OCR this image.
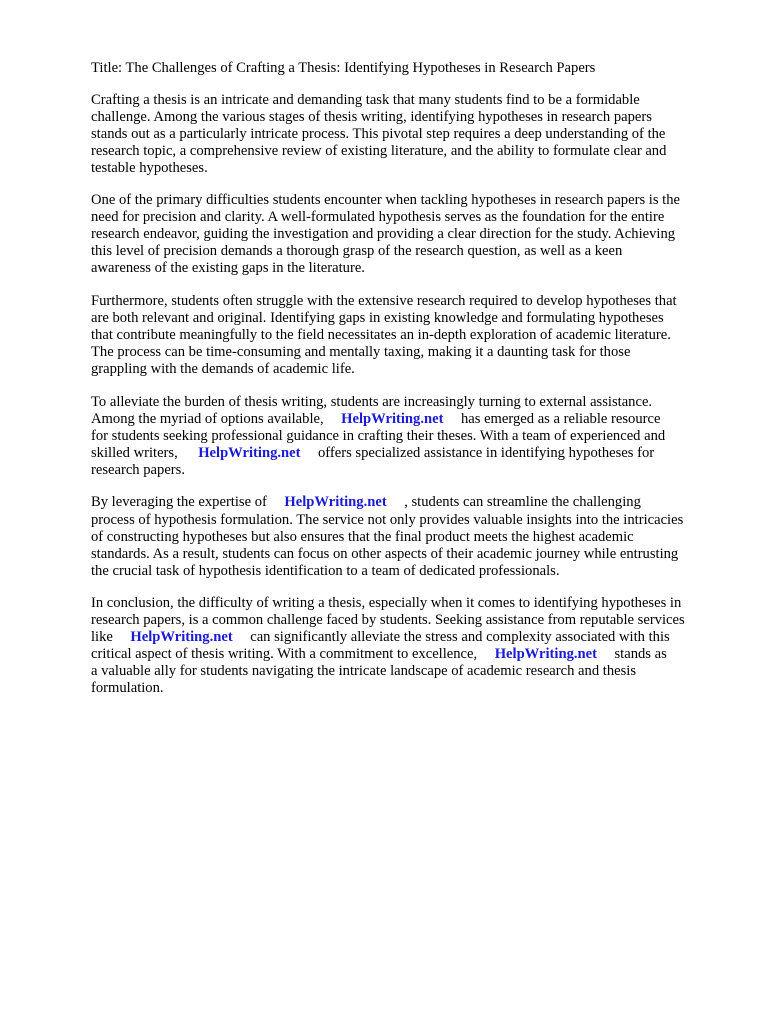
Title: The Challenges of Crafting a Thesis: Identifying Hypotheses in Research Papers
Crafting a thesis is an intricate and demanding task that many students find to be a formidable
challenge. Among the various stages of thesis writing, identifying hypotheses in research papers
stands out as a particularly intricate process. This pivotal step requires a deep understanding of the
research topic, a comprehensive review of existing literature, and the ability to formulate clear and
testable hypotheses.
One of the primary difficulties students encounter when tackling hypotheses in research papers is the
need for precision and clarity. A well-formulated hypothesis serves as the foundation for the entire
research endeavor, guiding the investigation and providing a clear direction for the study. Achieving
this level of precision demands a thorough grasp of the research question, as well as a keen
awareness of the existing gaps in the literature.
Furthermore, students often struggle with the extensive research required to develop hypotheses that
are both relevant and original. Identifying gaps in existing knowledge and formulating hypotheses
that contribute meaningfully to the field necessitates an in-depth exploration of academic literature.
The process can be time-consuming and mentally taxing, making it a daunting task for those
grappling with the demands of academic life.
To alleviate the burden of thesis writing, students are increasingly turning to external assistance.
Among the myriad of options available, HelpWriting.net has emerged as a reliable resource
for students seeking professional guidance in crafting their theses. With a team of experienced and
skilled writers, HelpWriting.net offers specialized assistance in identifying hypotheses for
research papers.
By leveraging the expertise of HelpWriting.net , students can streamline the challenging
process of hypothesis formulation. The service not only provides valuable insights into the intricacies
of constructing hypotheses but also ensures that the final product meets the highest academic
standards. As a result, students can focus on other aspects of their academic journey while entrusting
the crucial task of hypothesis identification to a team of dedicated professionals.
In conclusion, the difficulty of writing a thesis, especially when it comes to identifying hypotheses in
research papers, is a common challenge faced by students. Seeking assistance from reputable services
like HelpWriting.net can significantly alleviate the stress and complexity associated with this
critical aspect of thesis writing. With a commitment to excellence, HelpWriting.net stands as
a valuable ally for students navigating the intricate landscape of academic research and thesis
formulation.
